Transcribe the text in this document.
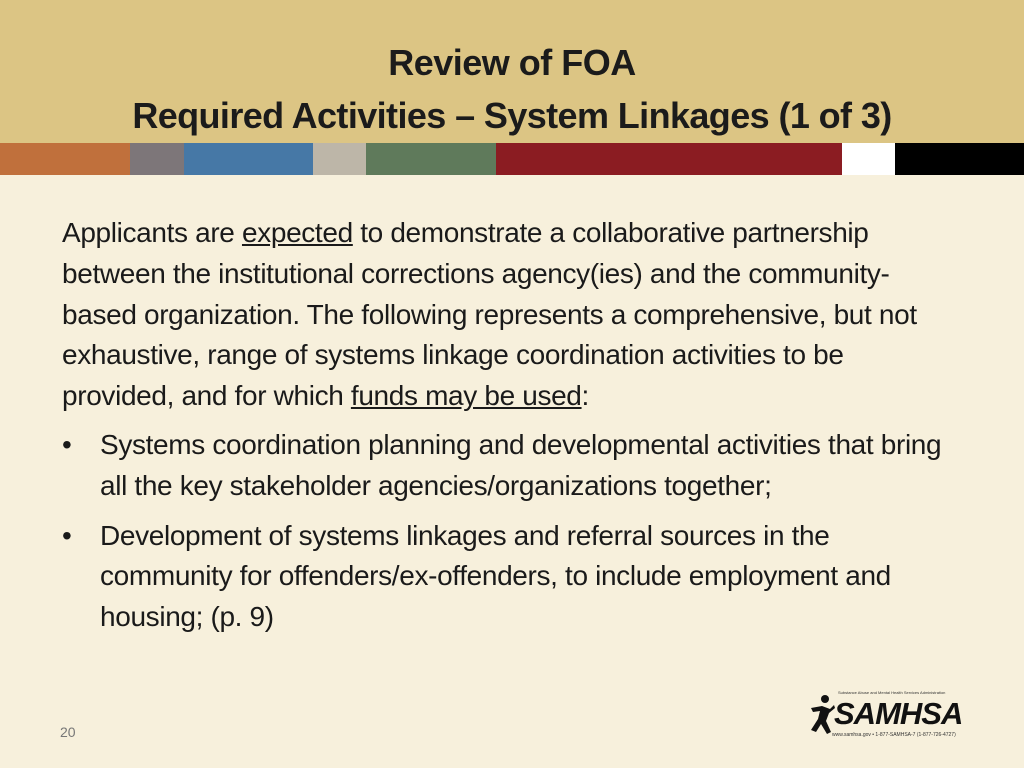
Review of FOA
Required Activities – System Linkages (1 of 3)

Applicants are expected to demonstrate a collaborative partnership between the institutional corrections agency(ies) and the community-based organization. The following represents a comprehensive, but not exhaustive, range of systems linkage coordination activities to be provided, and for which funds may be used:

• Systems coordination planning and developmental activities that bring all the key stakeholder agencies/organizations together;
• Development of systems linkages and referral sources in the community for offenders/ex-offenders, to include employment and housing; (p. 9)
20
Substance Abuse and Mental Health Services Administration
SAMHSA
www.samhsa.gov • 1-877-SAMHSA-7 (1-877-726-4727)
